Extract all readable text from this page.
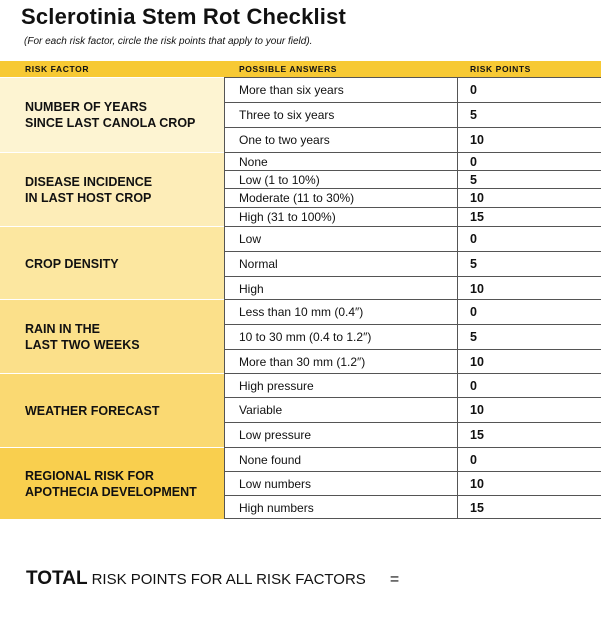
Sclerotinia Stem Rot Checklist
(For each risk factor, circle the risk points that apply to your field).
RISK FACTOR	POSSIBLE ANSWERS	RISK POINTS
NUMBER OF YEARS
SINCE LAST CANOLA CROP
More than six years	0
Three to six years	5
One to two years	10
DISEASE INCIDENCE
IN LAST HOST CROP
None	0
Low (1 to 10%)	5
Moderate (11 to 30%)	10
High (31 to 100%)	15
CROP DENSITY
Low	0
Normal	5
High	10
RAIN IN THE
LAST TWO WEEKS
Less than 10 mm (0.4″)	0
10 to 30 mm (0.4 to 1.2″)	5
More than 30 mm (1.2″)	10
WEATHER FORECAST
High pressure	0
Variable	10
Low pressure	15
REGIONAL RISK FOR
APOTHECIA DEVELOPMENT
None found	0
Low numbers	10
High numbers	15
TOTAL RISK POINTS FOR ALL RISK FACTORS =
